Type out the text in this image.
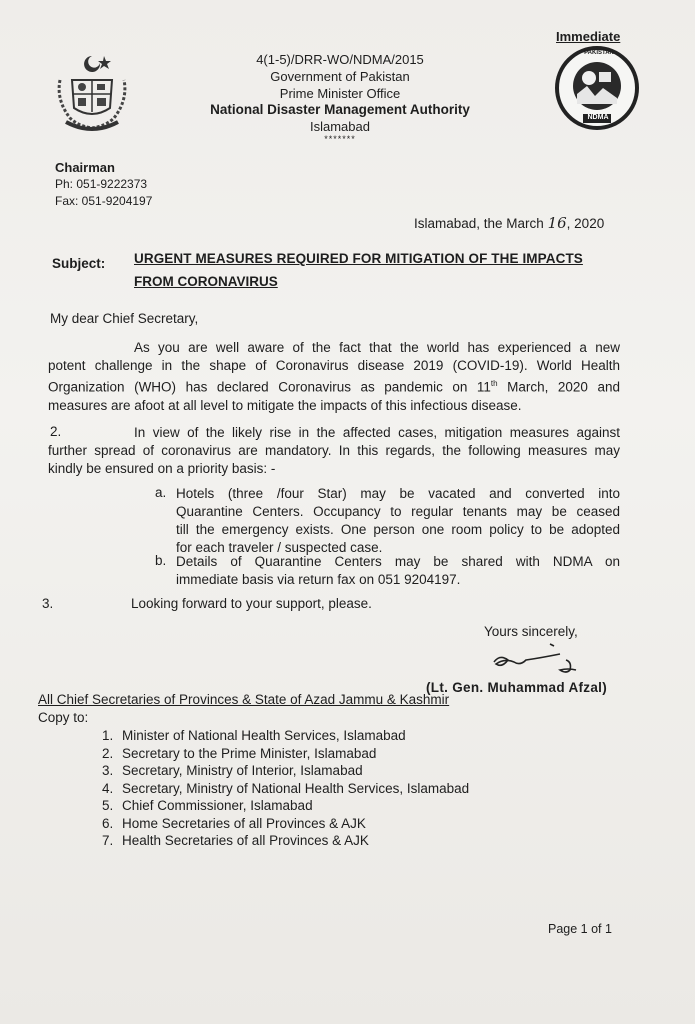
4(1-5)/DRR-WO/NDMA/2015
Government of Pakistan
Prime Minister Office
National Disaster Management Authority
Islamabad
*******
Immediate
PAKISTAN
NDMA
Chairman
Ph: 051-9222373
Fax: 051-9204197
Islamabad, the March 16, 2020
Subject: URGENT MEASURES REQUIRED FOR MITIGATION OF THE IMPACTS
FROM CORONAVIRUS
My dear Chief Secretary,
As you are well aware of the fact that the world has experienced a new
potent challenge in the shape of Coronavirus disease 2019 (COVID-19). World Health
Organization (WHO) has declared Coronavirus as pandemic on 11th March, 2020 and
measures are afoot at all level to mitigate the impacts of this infectious disease.
2.	In view of the likely rise in the affected cases, mitigation measures against
further spread of coronavirus are mandatory. In this regards, the following measures may
kindly be ensured on a priority basis: -
a. Hotels (three /four Star) may be vacated and converted into
Quarantine Centers. Occupancy to regular tenants may be ceased
till the emergency exists. One person one room policy to be adopted
for each traveler / suspected case.
b. Details of Quarantine Centers may be shared with NDMA on
immediate basis via return fax on 051 9204197.
3.	Looking forward to your support, please.
Yours sincerely,
(Lt. Gen. Muhammad Afzal)
All Chief Secretaries of Provinces & State of Azad Jammu & Kashmir
Copy to:
1. Minister of National Health Services, Islamabad
2. Secretary to the Prime Minister, Islamabad
3. Secretary, Ministry of Interior, Islamabad
4. Secretary, Ministry of National Health Services, Islamabad
5. Chief Commissioner, Islamabad
6. Home Secretaries of all Provinces & AJK
7. Health Secretaries of all Provinces & AJK
Page 1 of 1
